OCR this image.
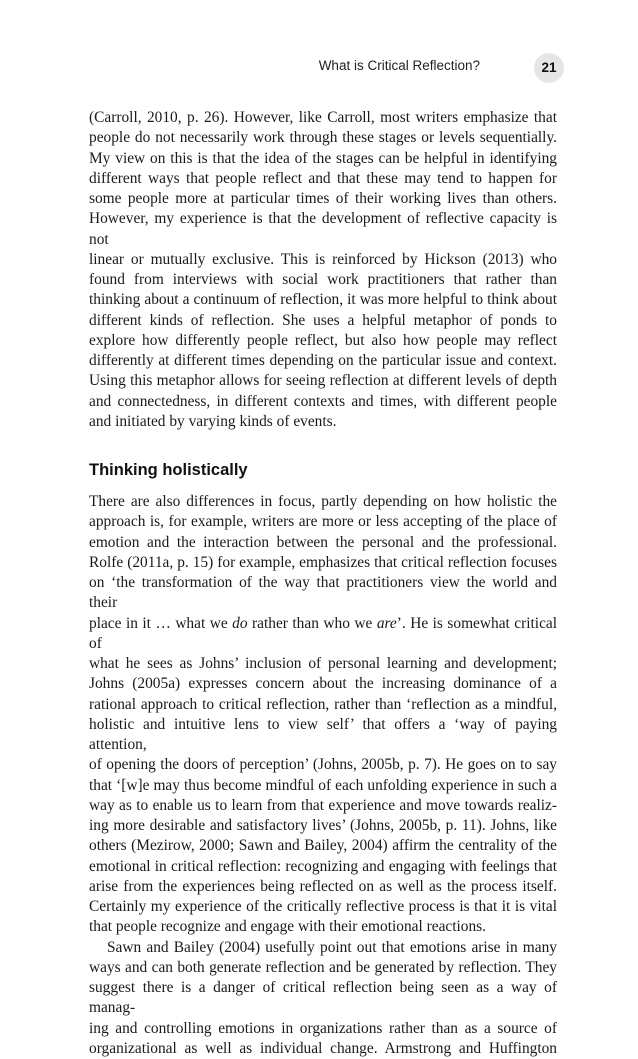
What is Critical Reflection?	21

(Carroll, 2010, p. 26). However, like Carroll, most writers emphasize that
people do not necessarily work through these stages or levels sequentially.
My view on this is that the idea of the stages can be helpful in identifying
different ways that people reflect and that these may tend to happen for
some people more at particular times of their working lives than others.
However, my experience is that the development of reflective capacity is not
linear or mutually exclusive. This is reinforced by Hickson (2013) who
found from interviews with social work practitioners that rather than
thinking about a continuum of reflection, it was more helpful to think about
different kinds of reflection. She uses a helpful metaphor of ponds to
explore how differently people reflect, but also how people may reflect
differently at different times depending on the particular issue and context.
Using this metaphor allows for seeing reflection at different levels of depth
and connectedness, in different contexts and times, with different people
and initiated by varying kinds of events.

Thinking holistically

There are also differences in focus, partly depending on how holistic the
approach is, for example, writers are more or less accepting of the place of
emotion and the interaction between the personal and the professional.
Rolfe (2011a, p. 15) for example, emphasizes that critical reflection focuses
on ‘the transformation of the way that practitioners view the world and their
place in it … what we do rather than who we are’. He is somewhat critical of
what he sees as Johns’ inclusion of personal learning and development;
Johns (2005a) expresses concern about the increasing dominance of a
rational approach to critical reflection, rather than ‘reflection as a mindful,
holistic and intuitive lens to view self’ that offers a ‘way of paying attention,
of opening the doors of perception’ (Johns, 2005b, p. 7). He goes on to say
that ‘[w]e may thus become mindful of each unfolding experience in such a
way as to enable us to learn from that experience and move towards realiz-
ing more desirable and satisfactory lives’ (Johns, 2005b, p. 11). Johns, like
others (Mezirow, 2000; Sawn and Bailey, 2004) affirm the centrality of the
emotional in critical reflection: recognizing and engaging with feelings that
arise from the experiences being reflected on as well as the process itself.
Certainly my experience of the critically reflective process is that it is vital
that people recognize and engage with their emotional reactions.

Sawn and Bailey (2004) usefully point out that emotions arise in many
ways and can both generate reflection and be generated by reflection. They
suggest there is a danger of critical reflection being seen as a way of manag-
ing and controlling emotions in organizations rather than as a source of
organizational as well as individual change. Armstrong and Huffington
